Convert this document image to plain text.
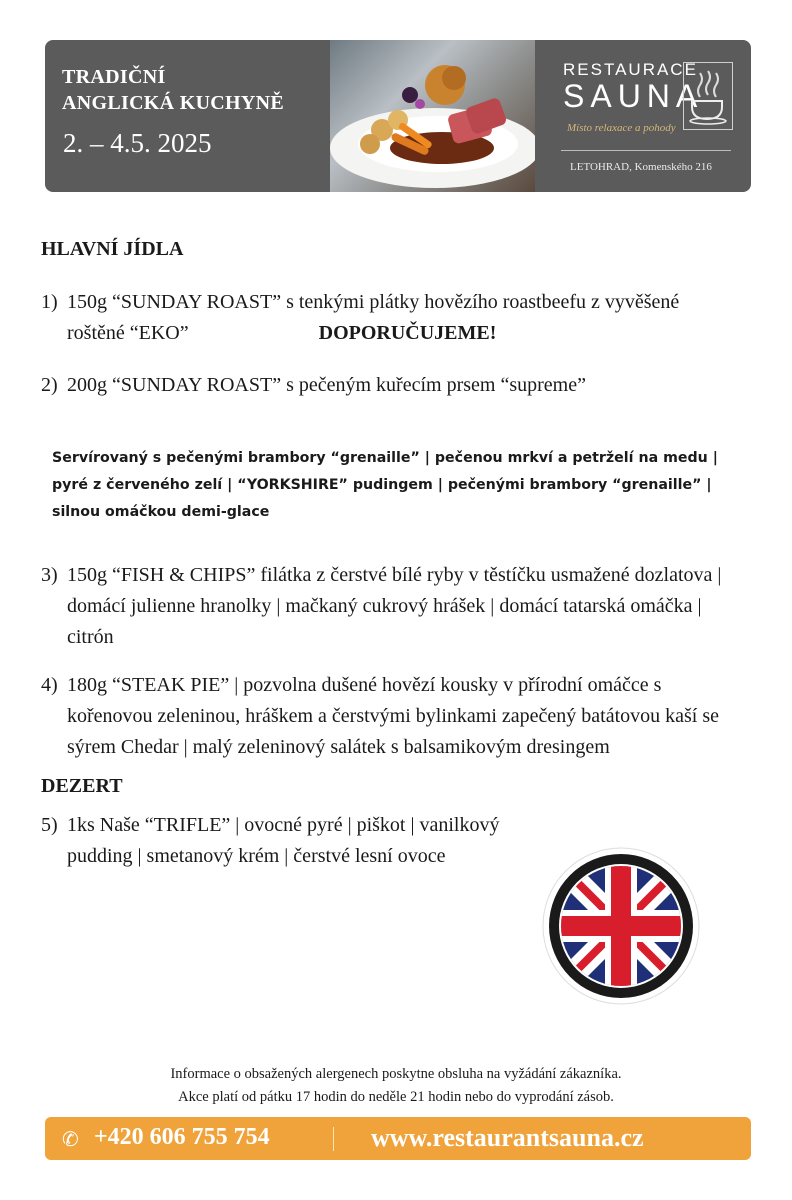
TRADIČNÍ
ANGLICKÁ KUCHYNĚ
2. – 4.5. 2025
RESTAURACE
SAUNA
Místo relaxace a pohody
LETOHRAD, Komenského 216
HLAVNÍ JÍDLA
1) 150g “SUNDAY ROAST” s tenkými plátky hovězího roastbeefu z vyvěšené roštěné “EKO”	DOPORUČUJEME!
2) 200g “SUNDAY ROAST” s pečeným kuřecím prsem “supreme”
Servírovaný s pečenými brambory “grenaille” | pečenou mrkví a petrželí na medu | pyré z červeného zelí | “YORKSHIRE” pudingem | pečenými brambory “grenaille” | silnou omáčkou demi-glace
3) 150g “FISH & CHIPS” filátka z čerstvé bílé ryby v těstíčku usmažené dozlatova | domácí julienne hranolky | mačkaný cukrový hrášek | domácí tatarská omáčka | citrón
4) 180g “STEAK PIE” | pozvolna dušené hovězí kousky v přírodní omáčce s kořenovou zeleninou, hráškem a čerstvými bylinkami zapečený batátovou kaší se sýrem Chedar | malý zeleninový salátek s balsamikovým dresingem
DEZERT
5) 1ks Naše “TRIFLE” | ovocné pyré | piškot | vanilkový pudding | smetanový krém | čerstvé lesní ovoce
Informace o obsažených alergenech poskytne obsluha na vyžádání zákazníka.
Akce platí od pátku 17 hodin do neděle 21 hodin nebo do vyprodání zásob.
✆ +420 606 755 754	www.restaurantsauna.cz
